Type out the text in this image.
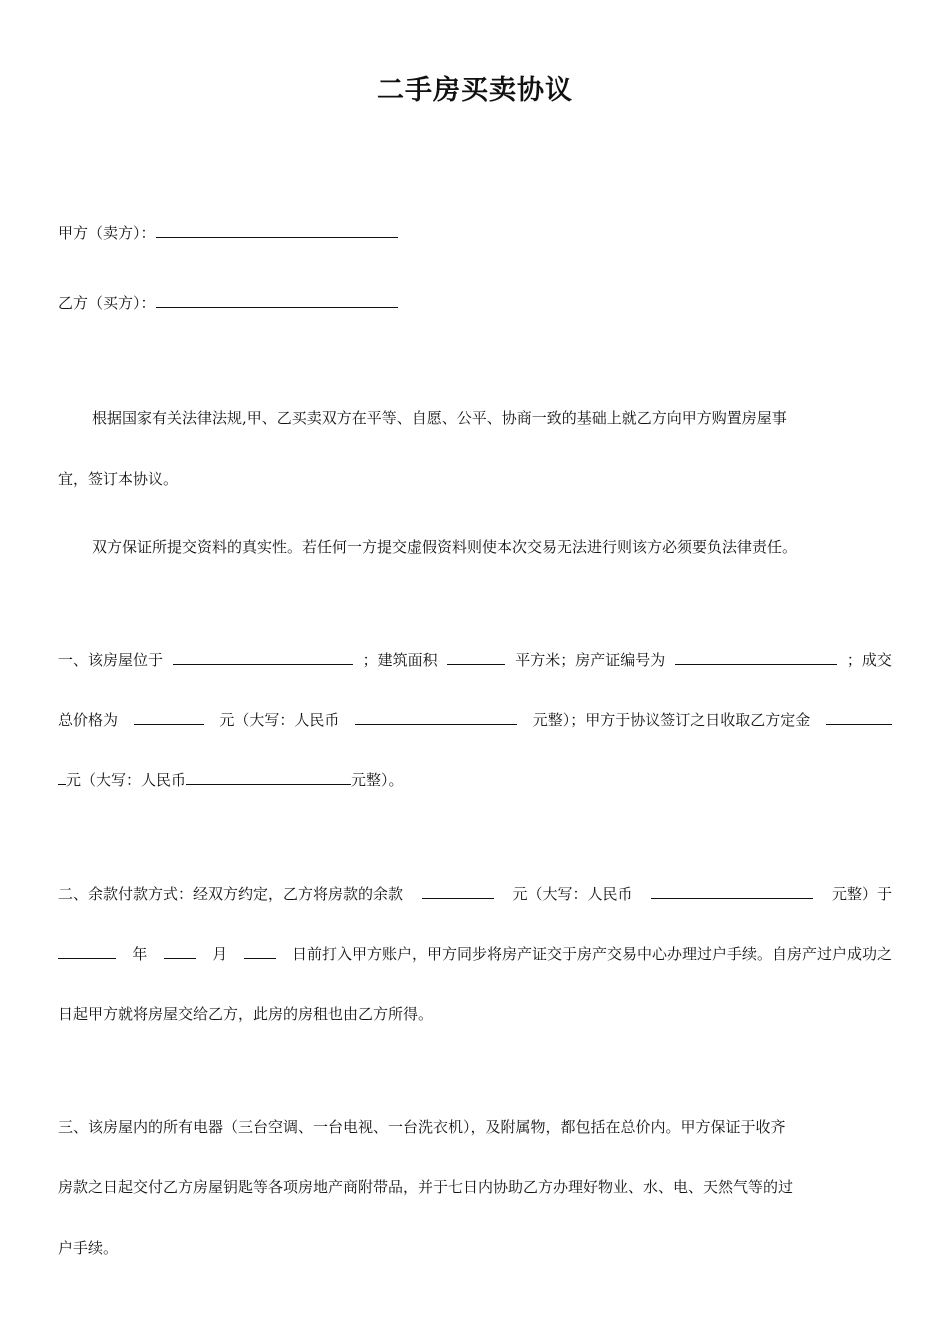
二手房买卖协议
甲方（卖方）：
乙方（买方）：
根据国家有关法律法规,甲、乙买卖双方在平等、自愿、公平、协商一致的基础上就乙方向甲方购置房屋事
宜，签订本协议。
双方保证所提交资料的真实性。若任何一方提交虚假资料则使本次交易无法进行则该方必须要负法律责任。
一、该房屋位于	；建筑面积	平方米；房产证编号为	；成交
总价格为	元（大写：人民币	元整）；甲方于协议签订之日收取乙方定金
元（大写：人民币	元整）。
二、余款付款方式：经双方约定，乙方将房款的余款	元（大写：人民币	元整）于
年	月	日前打入甲方账户，甲方同步将房产证交于房产交易中心办理过户手续。自房产过户成功之
日起甲方就将房屋交给乙方，此房的房租也由乙方所得。
三、该房屋内的所有电器（三台空调、一台电视、一台洗衣机），及附属物，都包括在总价内。甲方保证于收齐
房款之日起交付乙方房屋钥匙等各项房地产商附带品，并于七日内协助乙方办理好物业、水、电、天然气等的过
户手续。
